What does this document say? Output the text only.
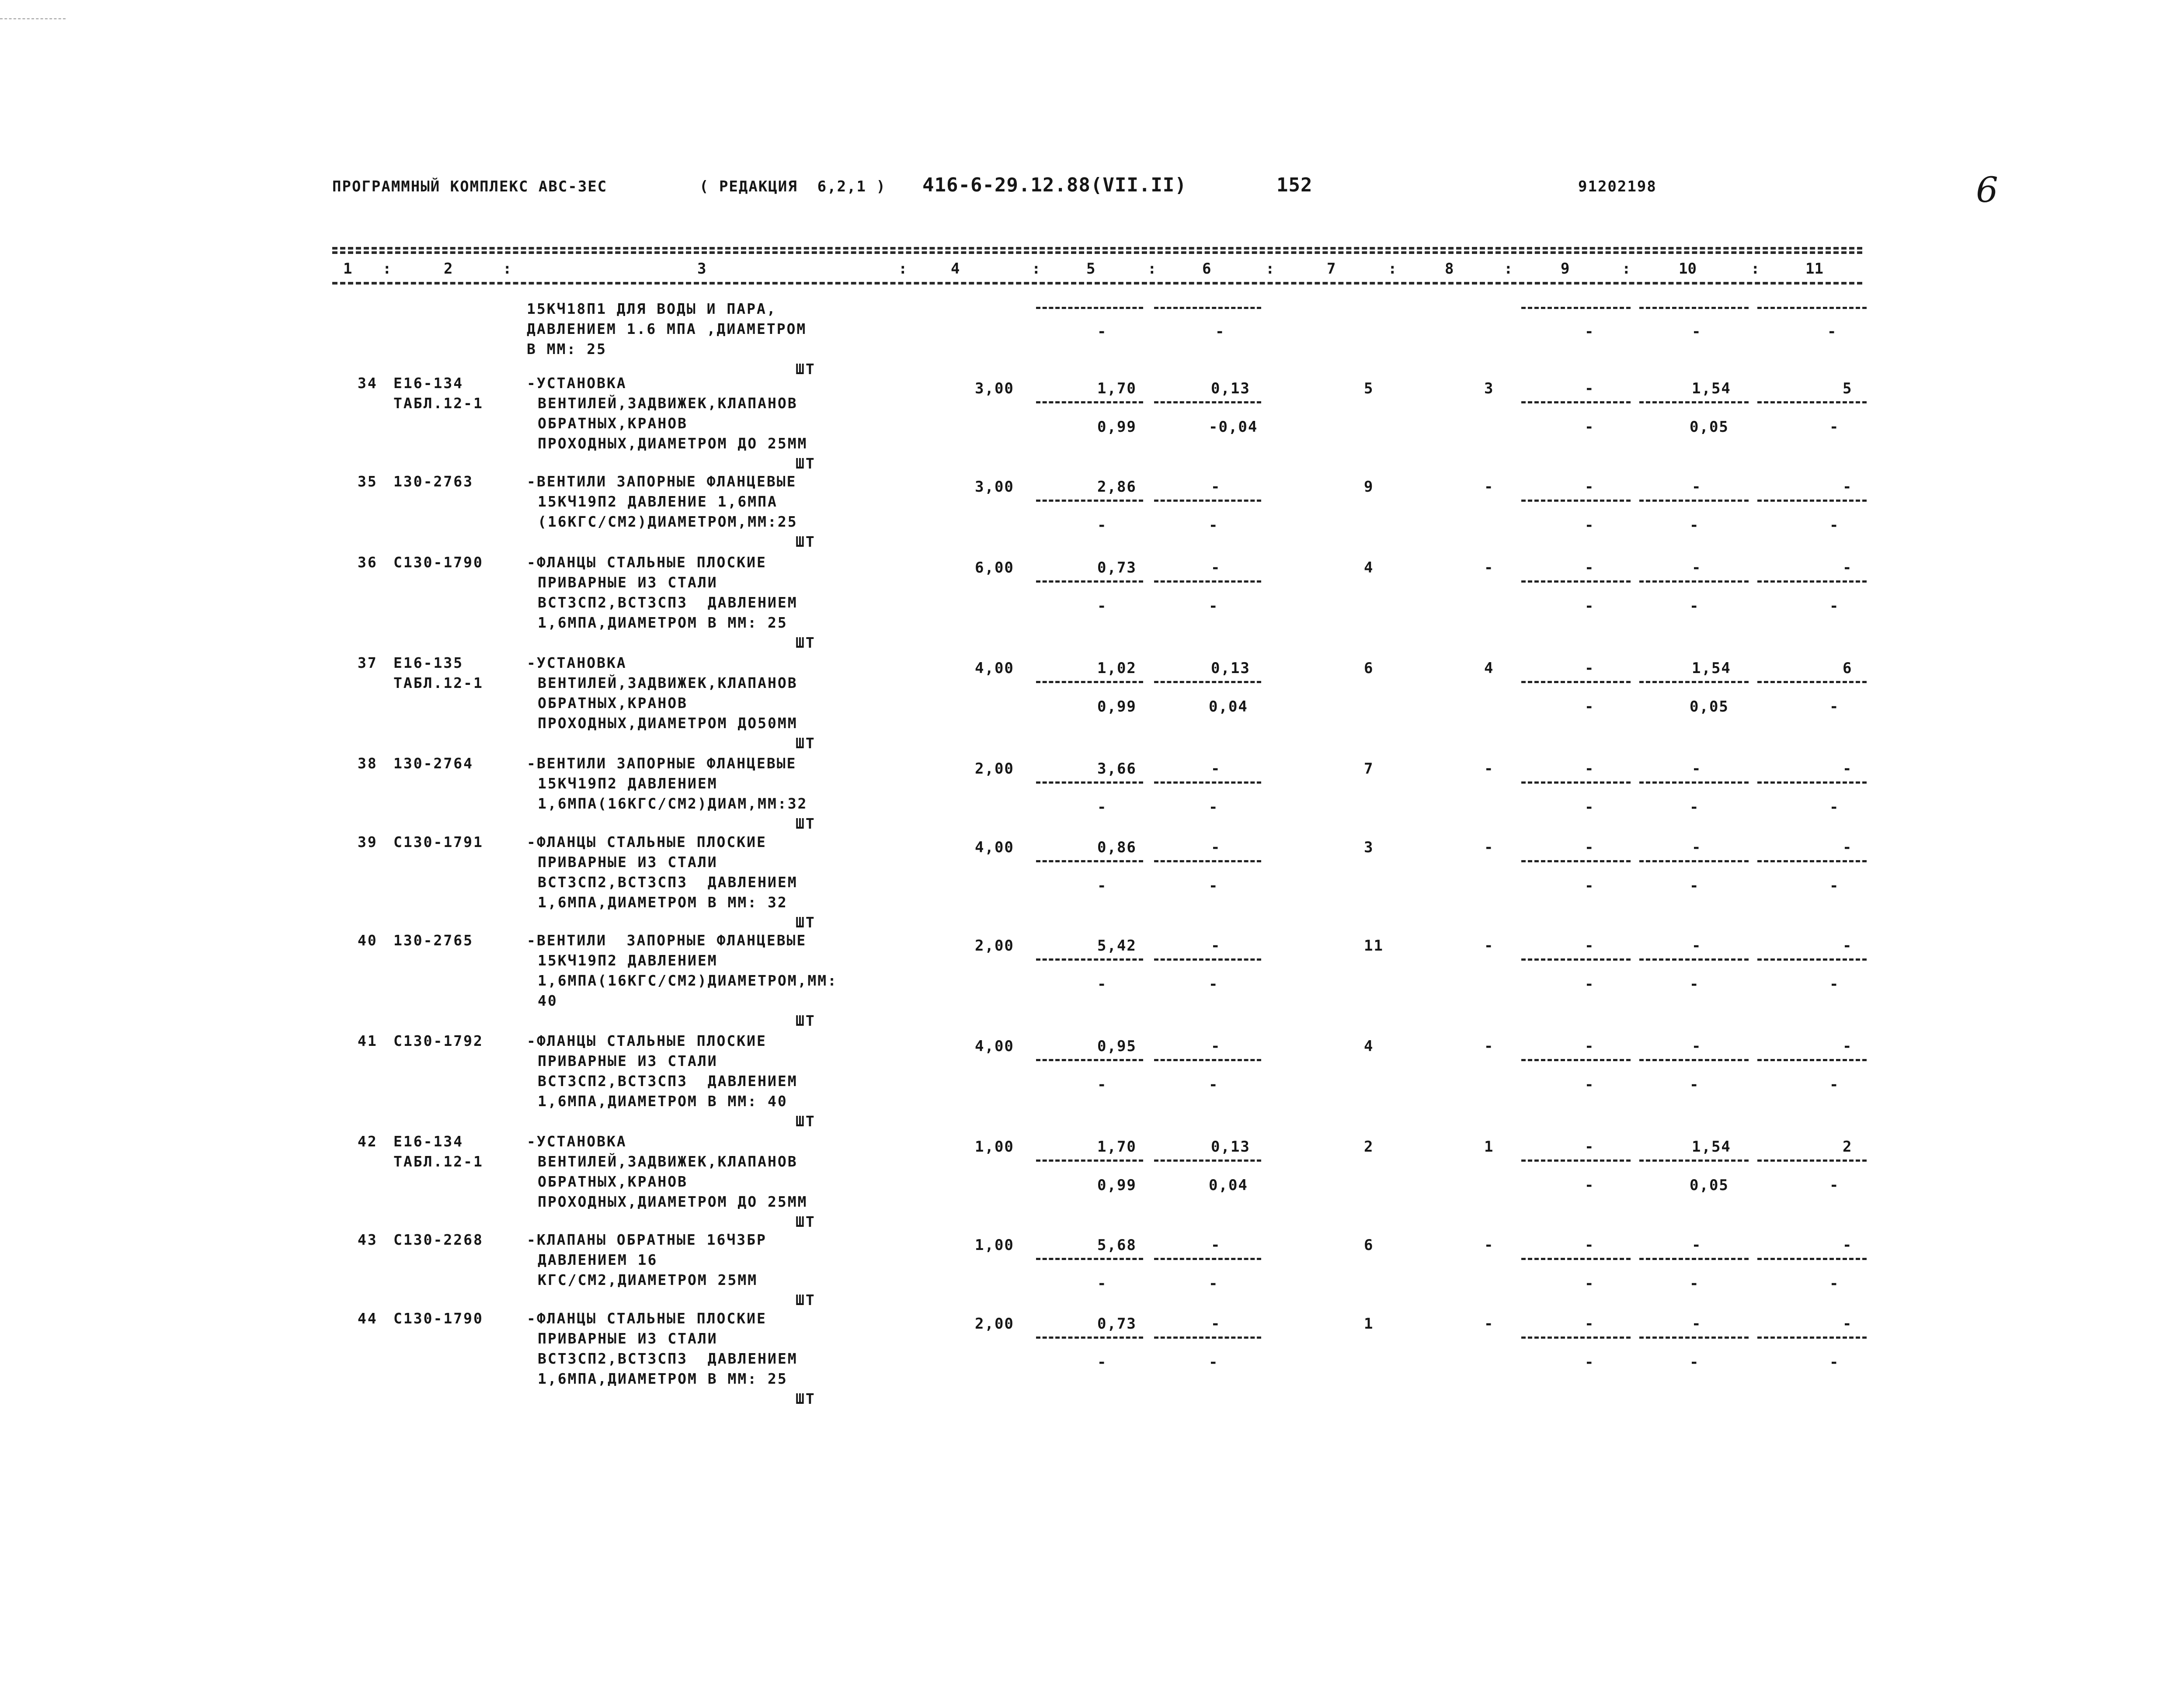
ПРОГРАММНЫЙ КОМПЛЕКС АВС-ЗЕС	( РЕДАКЦИЯ  6,2,1 ) 416-6-29.12.88(VII.II)	152	91202198	6
1	2	3	4	5	6	7	8	9	10	11
:	:	:	:	:	:	:	:	:	:
15КЧ18П1 ДЛЯ ВОДЫ И ПАРА,
ДАВЛЕНИЕМ 1.6 МПА ,ДИАМЕТРОМ
В ММ: 25
ШТ
-	-	-	-	-
34 Е16-134
ТАБЛ.12-1
-УСТАНОВКА
ВЕНТИЛЕЙ,ЗАДВИЖЕК,КЛАПАНОВ
ОБРАТНЫХ,КРАНОВ
ПРОХОДНЫХ,ДИАМЕТРОМ ДО 25ММ
ШТ
3,00	1,70	0,13	5	3	-	1,54	5
0,99	-0,04	-	0,05	-
35 130-2763	-ВЕНТИЛИ ЗАПОРНЫЕ ФЛАНЦЕВЫЕ
15КЧ19П2 ДАВЛЕНИЕ 1,6МПА
(16КГС/СМ2)ДИАМЕТРОМ,ММ:25
ШТ
3,00	2,86	-	9	-	-	-	-
-	-	-	-	-
36 С130-1790	-ФЛАНЦЫ СТАЛЬНЫЕ ПЛОСКИЕ
ПРИВАРНЫЕ ИЗ СТАЛИ
ВСТ3СП2,ВСТ3СП3  ДАВЛЕНИЕМ
1,6МПА,ДИАМЕТРОМ В ММ: 25
ШТ
6,00	0,73	-	4	-	-	-	-
-	-	-	-	-
37 Е16-135
ТАБЛ.12-1
-УСТАНОВКА
ВЕНТИЛЕЙ,ЗАДВИЖЕК,КЛАПАНОВ
ОБРАТНЫХ,КРАНОВ
ПРОХОДНЫХ,ДИАМЕТРОМ ДО50ММ
ШТ
4,00	1,02	0,13	6	4	-	1,54	6
0,99	0,04	-	0,05	-
38 130-2764	-ВЕНТИЛИ ЗАПОРНЫЕ ФЛАНЦЕВЫЕ
15КЧ19П2 ДАВЛЕНИЕМ
1,6МПА(16КГС/СМ2)ДИАМ,ММ:32
ШТ
2,00	3,66	-	7	-	-	-	-
-	-	-	-	-
39 С130-1791	-ФЛАНЦЫ СТАЛЬНЫЕ ПЛОСКИЕ
ПРИВАРНЫЕ ИЗ СТАЛИ
ВСТ3СП2,ВСТ3СП3  ДАВЛЕНИЕМ
1,6МПА,ДИАМЕТРОМ В ММ: 32
ШТ
4,00	0,86	-	3	-	-	-	-
-	-	-	-	-
40 130-2765	-ВЕНТИЛИ  ЗАПОРНЫЕ ФЛАНЦЕВЫЕ
15КЧ19П2 ДАВЛЕНИЕМ
1,6МПА(16КГС/СМ2)ДИАМЕТРОМ,ММ:
40
ШТ
2,00	5,42	-	11	-	-	-	-
-	-	-	-	-
41 С130-1792	-ФЛАНЦЫ СТАЛЬНЫЕ ПЛОСКИЕ
ПРИВАРНЫЕ ИЗ СТАЛИ
ВСТ3СП2,ВСТ3СП3  ДАВЛЕНИЕМ
1,6МПА,ДИАМЕТРОМ В ММ: 40
ШТ
4,00	0,95	-	4	-	-	-	-
-	-	-	-	-
42 Е16-134
ТАБЛ.12-1
-УСТАНОВКА
ВЕНТИЛЕЙ,ЗАДВИЖЕК,КЛАПАНОВ
ОБРАТНЫХ,КРАНОВ
ПРОХОДНЫХ,ДИАМЕТРОМ ДО 25ММ
ШТ
1,00	1,70	0,13	2	1	-	1,54	2
0,99	0,04	-	0,05	-
43 С130-2268	-КЛАПАНЫ ОБРАТНЫЕ 16Ч3БР
ДАВЛЕНИЕМ 16
КГС/СМ2,ДИАМЕТРОМ 25ММ
ШТ
1,00	5,68	-	6	-	-	-	-
-	-	-	-	-
44 С130-1790	-ФЛАНЦЫ СТАЛЬНЫЕ ПЛОСКИЕ
ПРИВАРНЫЕ ИЗ СТАЛИ
ВСТ3СП2,ВСТ3СП3  ДАВЛЕНИЕМ
1,6МПА,ДИАМЕТРОМ В ММ: 25
ШТ
2,00	0,73	-	1	-	-	-	-
-	-	-	-	-
